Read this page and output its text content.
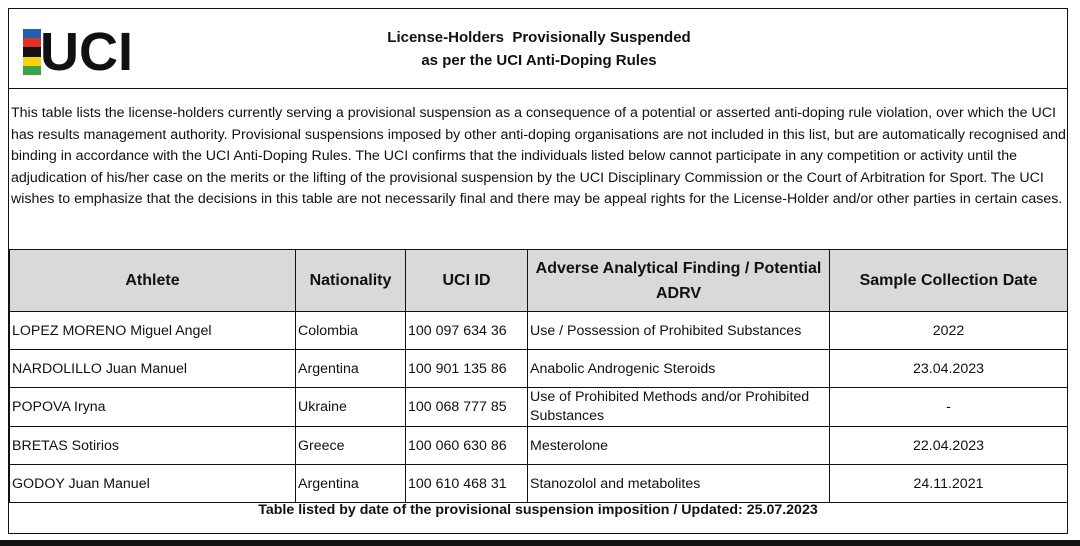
UCI	License-Holders  Provisionally Suspended
as per the UCI Anti-Doping Rules
This table lists the license-holders currently serving a provisional suspension as a consequence of a potential or asserted anti-doping rule violation, over which the UCI has results management authority. Provisional suspensions imposed by other anti-doping organisations are not included in this list, but are automatically recognised and binding in accordance with the UCI Anti-Doping Rules. The UCI confirms that the individuals listed below cannot participate in any competition or activity until the adjudication of his/her case on the merits or the lifting of the provisional suspension by the UCI Disciplinary Commission or the Court of Arbitration for Sport. The UCI wishes to emphasize that the decisions in this table are not necessarily final and there may be appeal rights for the License-Holder and/or other parties in certain cases.
Athlete	Nationality	UCI ID	Adverse Analytical Finding / Potential ADRV	Sample Collection Date
LOPEZ MORENO Miguel Angel	Colombia	100 097 634 36	Use / Possession of Prohibited Substances	2022
NARDOLILLO Juan Manuel	Argentina	100 901 135 86	Anabolic Androgenic Steroids	23.04.2023
POPOVA Iryna	Ukraine	100 068 777 85	Use of Prohibited Methods and/or Prohibited Substances	-
BRETAS Sotirios	Greece	100 060 630 86	Mesterolone	22.04.2023
GODOY Juan Manuel	Argentina	100 610 468 31	Stanozolol and metabolites	24.11.2021
Table listed by date of the provisional suspension imposition / Updated: 25.07.2023
